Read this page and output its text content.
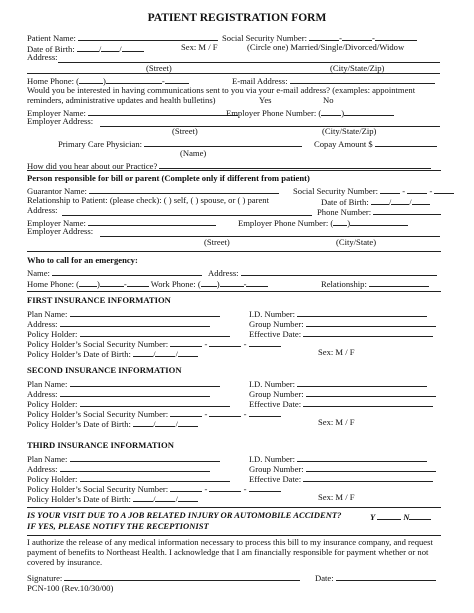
PATIENT REGISTRATION FORM
Patient Name:	Social Security Number:	-	-
Date of Birth:	/ /	Sex: M / F	(Circle one) Married/Single/Divorced/Widow
Address:
(Street)	(City/State/Zip)
Home Phone: (	)	-	E-mail Address:
Would you be interested in having communications sent to you via your e-mail address? (examples: appointment
reminders, administrative updates and health bulletins)	Yes	No
Employer Name:	Employer Phone Number: ( )
Employer Address:
(Street)	(City/State/Zip)
Primary Care Physician:	Copay Amount $
(Name)
How did you hear about our Practice?
Person responsible for bill or parent (Complete only if different from patient)
Guarantor Name:	Social Security Number:	-  -
Relationship to Patient: (please check): ( ) self, ( ) spouse, or ( ) parent	Date of Birth: / /
Address:	Phone Number:
Employer Name:	Employer Phone Number: ( )
Employer Address:
(Street)	(City/State)
Who to call for an emergency:
Name:	Address:
Home Phone: ( )	-	Work Phone: ( )	-	Relationship:
FIRST INSURANCE INFORMATION
Plan Name:	I.D. Number:
Address:	Group Number:
Policy Holder:	Effective Date:
Policy Holder’s Social Security Number:	-	-
Policy Holder’s Date of Birth:	/ /	Sex: M / F
SECOND INSURANCE INFORMATION
Plan Name:	I.D. Number:
Address:	Group Number:
Policy Holder:	Effective Date:
Policy Holder’s Social Security Number:	-	-
Policy Holder’s Date of Birth:	/ /	Sex: M / F
THIRD INSURANCE INFORMATION
Plan Name:	I.D. Number:
Address:	Group Number:
Policy Holder:	Effective Date:
Policy Holder’s Social Security Number:	-	-
Policy Holder’s Date of Birth:	/ /	Sex: M / F
IS YOUR VISIT DUE TO A JOB RELATED INJURY OR AUTOMOBILE ACCIDENT?	Y	N
IF YES, PLEASE NOTIFY THE RECEPTIONIST
I authorize the release of any medical information necessary to process this bill to my insurance company, and request
payment of benefits to Northeast Health. I acknowledge that I am financially responsible for payment whether or not
covered by insurance.
Signature:	Date:
PCN-100 (Rev.10/30/00)
